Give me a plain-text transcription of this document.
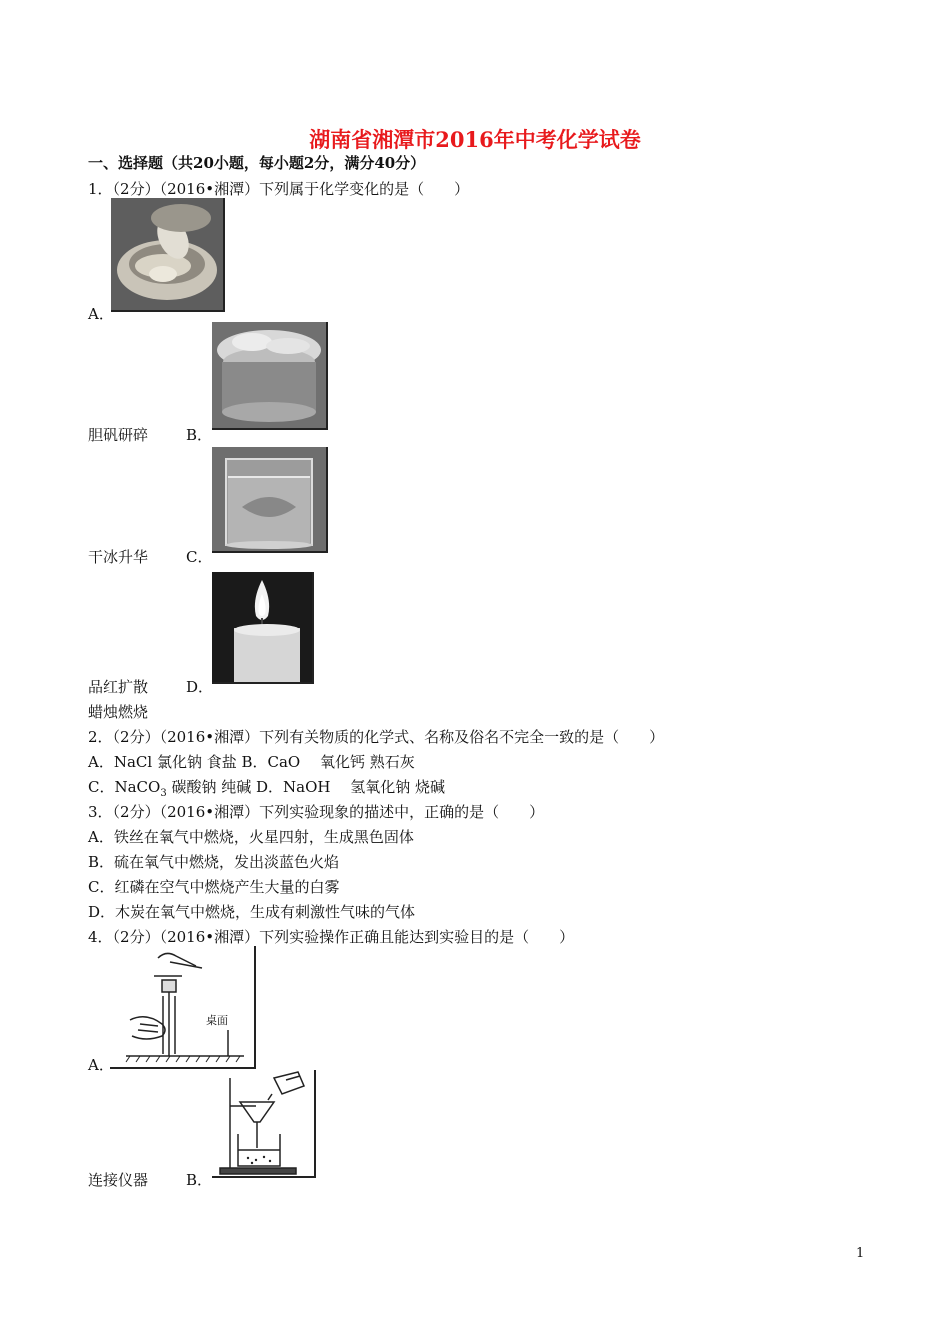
湖南省湘潭市2016年中考化学试卷
一、选择题（共20小题，每小题2分，满分40分）
1．（2分）（2016•湘潭）下列属于化学变化的是（　　）
A．
胆矾研碎	B．
干冰升华	C．
品红扩散	D．
蜡烛燃烧
2．（2分）（2016•湘潭）下列有关物质的化学式、名称及俗名不完全一致的是（　　）
A．NaCl 氯化钠 食盐 B．CaO　 氧化钙 熟石灰
C．NaCO$_3$ 碳酸钠 纯碱 D．NaOH 　氢氧化钠 烧碱
3．（2分）（2016•湘潭）下列实验现象的描述中，正确的是（　　）
A．铁丝在氧气中燃烧，火星四射，生成黑色固体
B．硫在氧气中燃烧，发出淡蓝色火焰
C．红磷在空气中燃烧产生大量的白雾
D．木炭在氧气中燃烧，生成有刺激性气味的气体
4．（2分）（2016•湘潭）下列实验操作正确且能达到实验目的是（　　）
桌面
A．
连接仪器	B．
1
